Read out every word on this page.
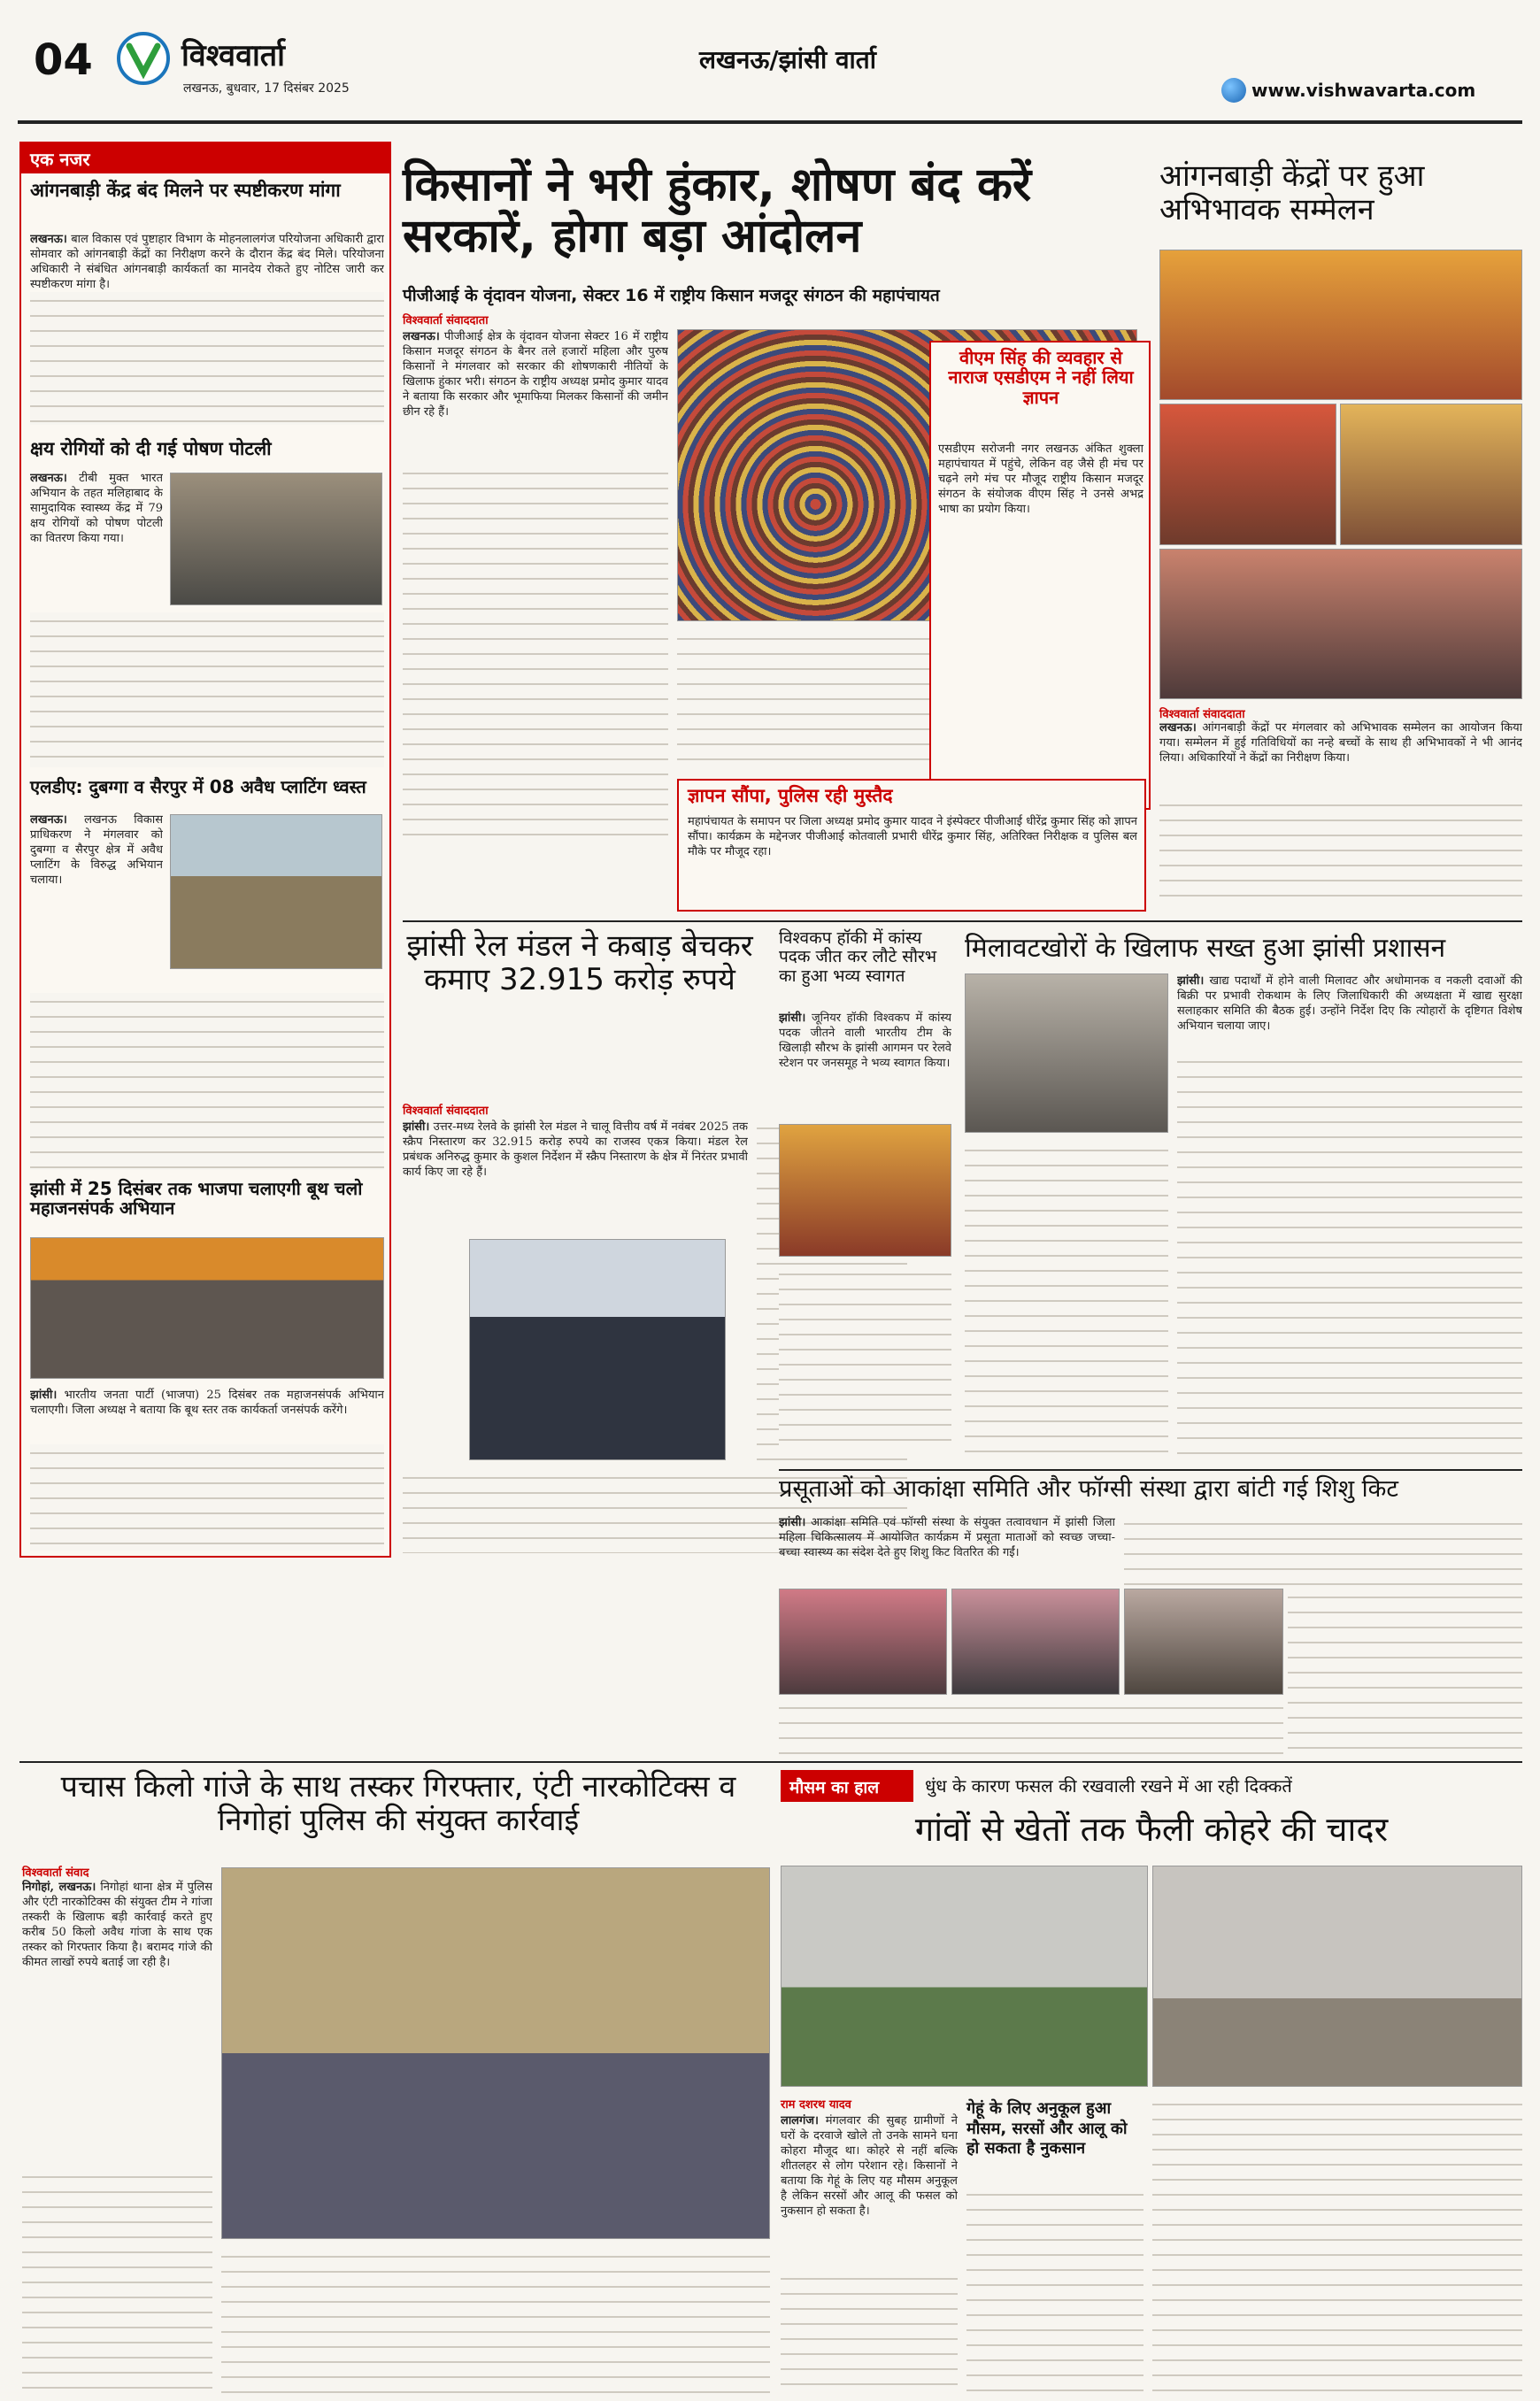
04	विश्ववार्ता
लखनऊ, बुधवार, 17 दिसंबर 2025
लखनऊ/झांसी वार्ता
www.vishwavarta.com
एक नजर
आंगनबाड़ी केंद्र बंद मिलने पर स्पष्टीकरण मांगा
लखनऊ। बाल विकास एवं पुष्टाहार विभाग के मोहनलालगंज परियोजना अधिकारी द्वारा सोमवार को आंगनबाड़ी केंद्रों का निरीक्षण करने के दौरान केंद्र बंद मिले। परियोजना अधिकारी ने संबंधित आंगनबाड़ी कार्यकर्ता का मानदेय रोकते हुए नोटिस जारी कर स्पष्टीकरण मांगा है।
क्षय रोगियों को दी गई पोषण पोटली
लखनऊ। टीबी मुक्त भारत अभियान के तहत मलिहाबाद के सामुदायिक स्वास्थ्य केंद्र में 79 क्षय रोगियों को पोषण पोटली का वितरण किया गया।
एलडीए: दुबग्गा व सैरपुर में 08 अवैध प्लाटिंग ध्वस्त
लखनऊ। लखनऊ विकास प्राधिकरण ने मंगलवार को दुबग्गा व सैरपुर क्षेत्र में अवैध प्लाटिंग के विरुद्ध अभियान चलाया।
झांसी में 25 दिसंबर तक भाजपा चलाएगी बूथ चलो महाजनसंपर्क अभियान
झांसी। भारतीय जनता पार्टी (भाजपा) 25 दिसंबर तक महाजनसंपर्क अभियान चलाएगी। जिला अध्यक्ष ने बताया कि बूथ स्तर तक कार्यकर्ता जनसंपर्क करेंगे।
किसानों ने भरी हुंकार, शोषण बंद करें सरकारें, होगा बड़ा आंदोलन
पीजीआई के वृंदावन योजना, सेक्टर 16 में राष्ट्रीय किसान मजदूर संगठन की महापंचायत
विश्ववार्ता संवाददाता
लखनऊ। पीजीआई क्षेत्र के वृंदावन योजना सेक्टर 16 में राष्ट्रीय किसान मजदूर संगठन के बैनर तले हजारों महिला और पुरुष किसानों ने मंगलवार को सरकार की शोषणकारी नीतियों के खिलाफ हुंकार भरी। संगठन के राष्ट्रीय अध्यक्ष प्रमोद कुमार यादव ने बताया कि सरकार और भूमाफिया मिलकर किसानों की जमीन छीन रहे हैं।
वीएम सिंह की व्यवहार से नाराज एसडीएम ने नहीं लिया ज्ञापन
एसडीएम सरोजनी नगर लखनऊ अंकित शुक्ला महापंचायत में पहुंचे, लेकिन वह जैसे ही मंच पर चढ़ने लगे मंच पर मौजूद राष्ट्रीय किसान मजदूर संगठन के संयोजक वीएम सिंह ने उनसे अभद्र भाषा का प्रयोग किया।
ज्ञापन सौंपा, पुलिस रही मुस्तैद
महापंचायत के समापन पर जिला अध्यक्ष प्रमोद कुमार यादव ने इंस्पेक्टर पीजीआई धीरेंद्र कुमार सिंह को ज्ञापन सौंपा। कार्यक्रम के मद्देनजर पीजीआई कोतवाली प्रभारी धीरेंद्र कुमार सिंह, अतिरिक्त निरीक्षक व पुलिस बल मौके पर मौजूद रहा।
आंगनबाड़ी केंद्रों पर हुआ अभिभावक सम्मेलन
विश्ववार्ता संवाददाता
लखनऊ। आंगनबाड़ी केंद्रों पर मंगलवार को अभिभावक सम्मेलन का आयोजन किया गया। सम्मेलन में हुई गतिविधियों का नन्हे बच्चों के साथ ही अभिभावकों ने भी आनंद लिया। अधिकारियों ने केंद्रों का निरीक्षण किया।
झांसी रेल मंडल ने कबाड़ बेचकर कमाए 32.915 करोड़ रुपये
विश्ववार्ता संवाददाता
झांसी। उत्तर-मध्य रेलवे के झांसी रेल मंडल ने चालू वित्तीय वर्ष में नवंबर 2025 तक स्क्रैप निस्तारण कर 32.915 करोड़ रुपये का राजस्व एकत्र किया। मंडल रेल प्रबंधक अनिरुद्ध कुमार के कुशल निर्देशन में स्क्रैप निस्तारण के क्षेत्र में निरंतर प्रभावी कार्य किए जा रहे हैं।
विश्वकप हॉकी में कांस्य पदक जीत कर लौटे सौरभ का हुआ भव्य स्वागत
झांसी। जूनियर हॉकी विश्वकप में कांस्य पदक जीतने वाली भारतीय टीम के खिलाड़ी सौरभ के झांसी आगमन पर रेलवे स्टेशन पर जनसमूह ने भव्य स्वागत किया।
मिलावटखोरों के खिलाफ सख्त हुआ झांसी प्रशासन
झांसी। खाद्य पदार्थों में होने वाली मिलावट और अधोमानक व नकली दवाओं की बिक्री पर प्रभावी रोकथाम के लिए जिलाधिकारी की अध्यक्षता में खाद्य सुरक्षा सलाहकार समिति की बैठक हुई। उन्होंने निर्देश दिए कि त्योहारों के दृष्टिगत विशेष अभियान चलाया जाए।
प्रसूताओं को आकांक्षा समिति और फॉग्सी संस्था द्वारा बांटी गई शिशु किट
झांसी। आकांक्षा समिति एवं फॉग्सी संस्था के संयुक्त तत्वावधान में झांसी जिला महिला चिकित्सालय में आयोजित कार्यक्रम में प्रसूता माताओं को स्वच्छ जच्चा-बच्चा स्वास्थ्य का संदेश देते हुए शिशु किट वितरित की गईं।
पचास किलो गांजे के साथ तस्कर गिरफ्तार, एंटी नारकोटिक्स व निगोहां पुलिस की संयुक्त कार्रवाई
विश्ववार्ता संवाद
निगोहां, लखनऊ। निगोहां थाना क्षेत्र में पुलिस और एंटी नारकोटिक्स की संयुक्त टीम ने गांजा तस्करी के खिलाफ बड़ी कार्रवाई करते हुए करीब 50 किलो अवैध गांजा के साथ एक तस्कर को गिरफ्तार किया है। बरामद गांजे की कीमत लाखों रुपये बताई जा रही है।
मौसम का हाल	धुंध के कारण फसल की रखवाली रखने में आ रही दिक्कतें
गांवों से खेतों तक फैली कोहरे की चादर
राम दशरथ यादव
लालगंज। मंगलवार की सुबह ग्रामीणों ने घरों के दरवाजे खोले तो उनके सामने घना कोहरा मौजूद था। कोहरे से नहीं बल्कि शीतलहर से लोग परेशान रहे। किसानों ने बताया कि गेहूं के लिए यह मौसम अनुकूल है लेकिन सरसों और आलू की फसल को नुकसान हो सकता है।
गेहूं के लिए अनुकूल हुआ मौसम, सरसों और आलू को हो सकता है नुकसान
